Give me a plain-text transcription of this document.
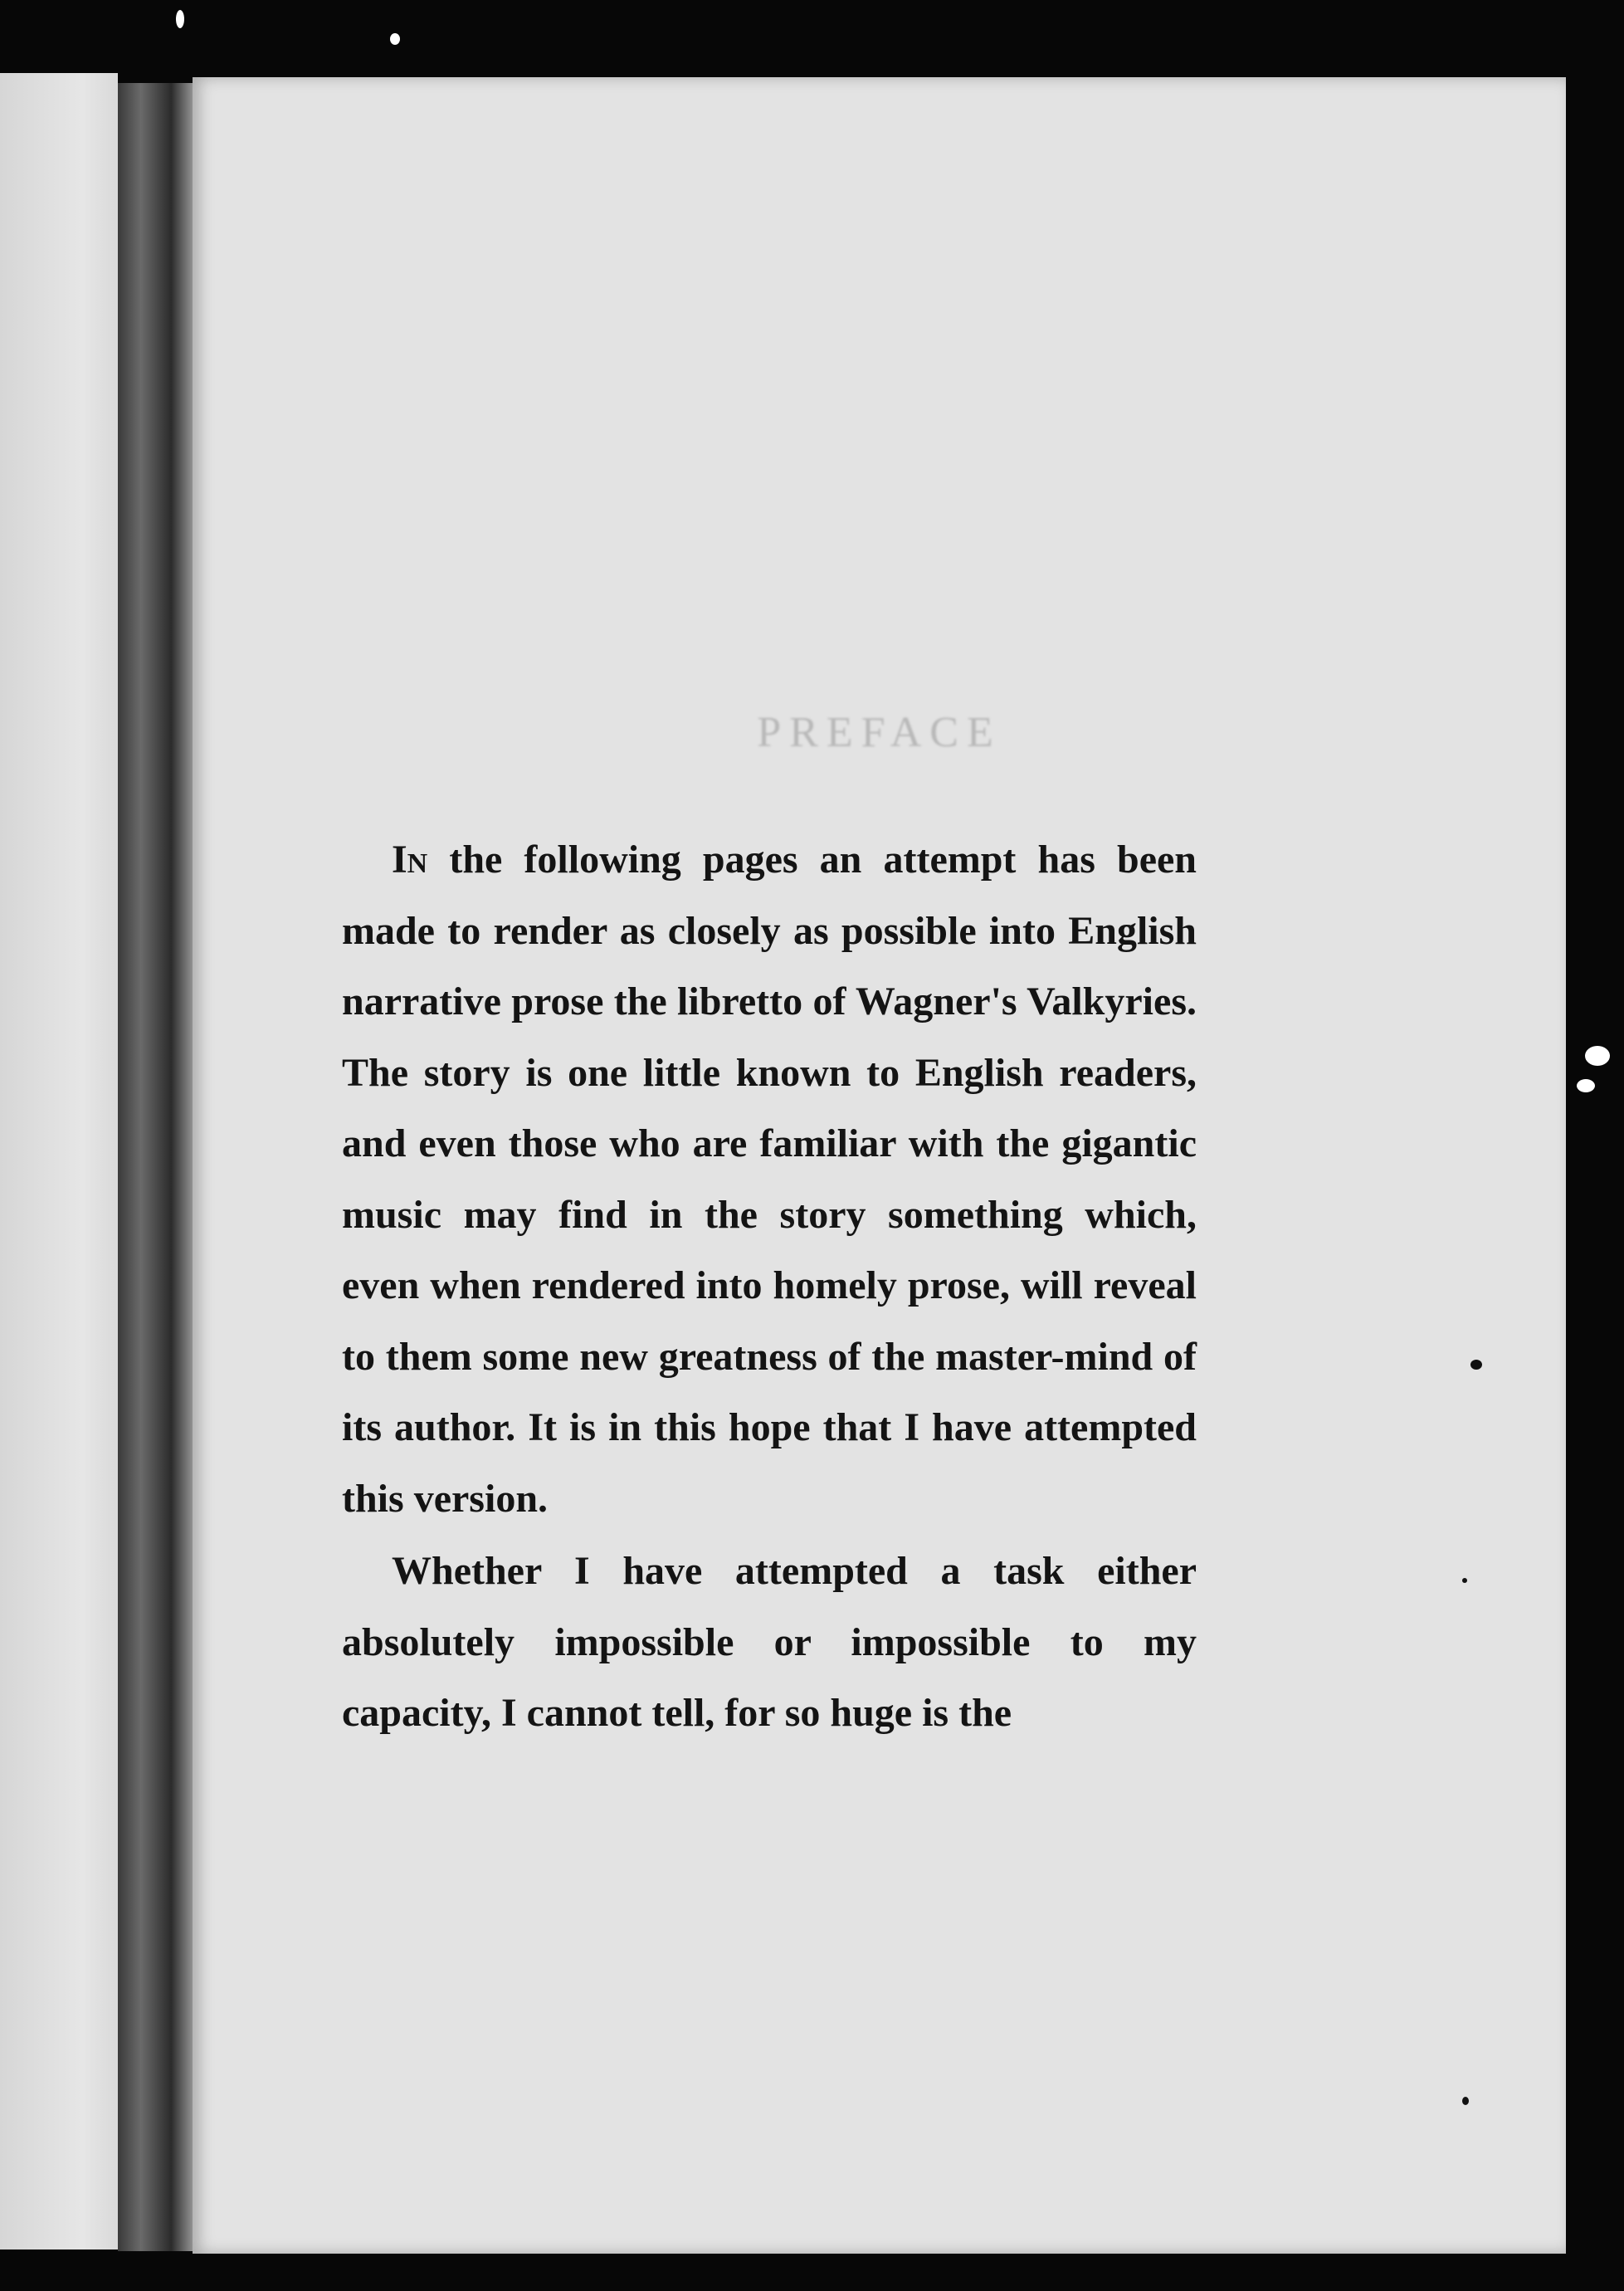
PREFACE

In the following pages an attempt has been made to render as closely as possible into English narrative prose the libretto of Wagner's Valkyries. The story is one little known to English readers, and even those who are familiar with the gigantic music may find in the story something which, even when rendered into homely prose, will reveal to them some new greatness of the master-mind of its author. It is in this hope that I have attempted this version.

Whether I have attempted a task either absolutely impossible or impossible to my capacity, I cannot tell, for so huge is the
